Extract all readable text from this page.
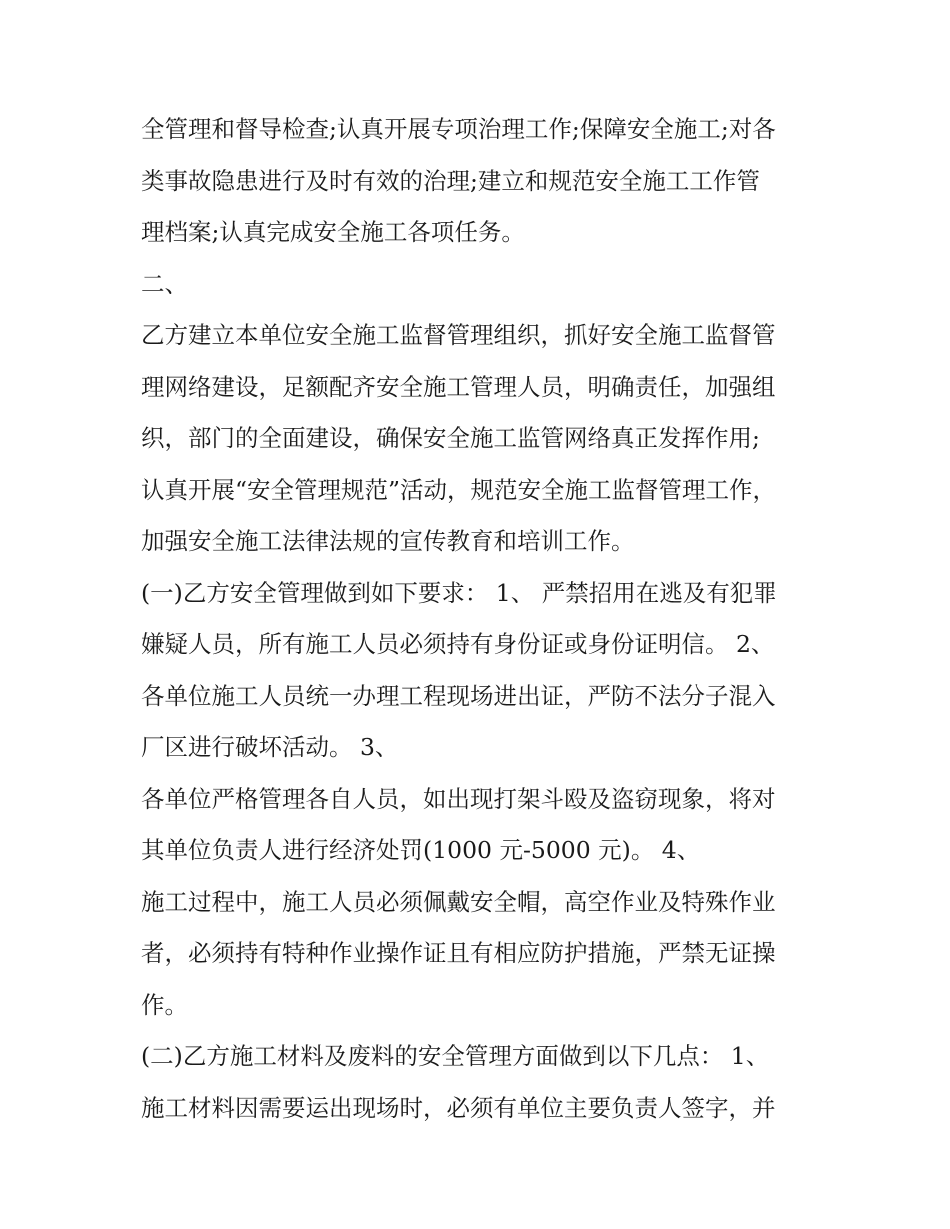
全管理和督导检查;认真开展专项治理工作;保障安全施工;对各
类事故隐患进行及时有效的治理;建立和规范安全施工工作管
理档案;认真完成安全施工各项任务。
二、
乙方建立本单位安全施工监督管理组织，抓好安全施工监督管
理网络建设，足额配齐安全施工管理人员，明确责任，加强组
织，部门的全面建设，确保安全施工监管网络真正发挥作用;
认真开展“安全管理规范”活动，规范安全施工监督管理工作，
加强安全施工法律法规的宣传教育和培训工作。
(一)乙方安全管理做到如下要求： 1、 严禁招用在逃及有犯罪
嫌疑人员，所有施工人员必须持有身份证或身份证明信。 2、
各单位施工人员统一办理工程现场进出证，严防不法分子混入
厂区进行破坏活动。 3、
各单位严格管理各自人员，如出现打架斗殴及盗窃现象，将对
其单位负责人进行经济处罚(1000 元-5000 元)。 4、
施工过程中，施工人员必须佩戴安全帽，高空作业及特殊作业
者，必须持有特种作业操作证且有相应防护措施，严禁无证操
作。
(二)乙方施工材料及废料的安全管理方面做到以下几点： 1、
施工材料因需要运出现场时，必须有单位主要负责人签字，并
